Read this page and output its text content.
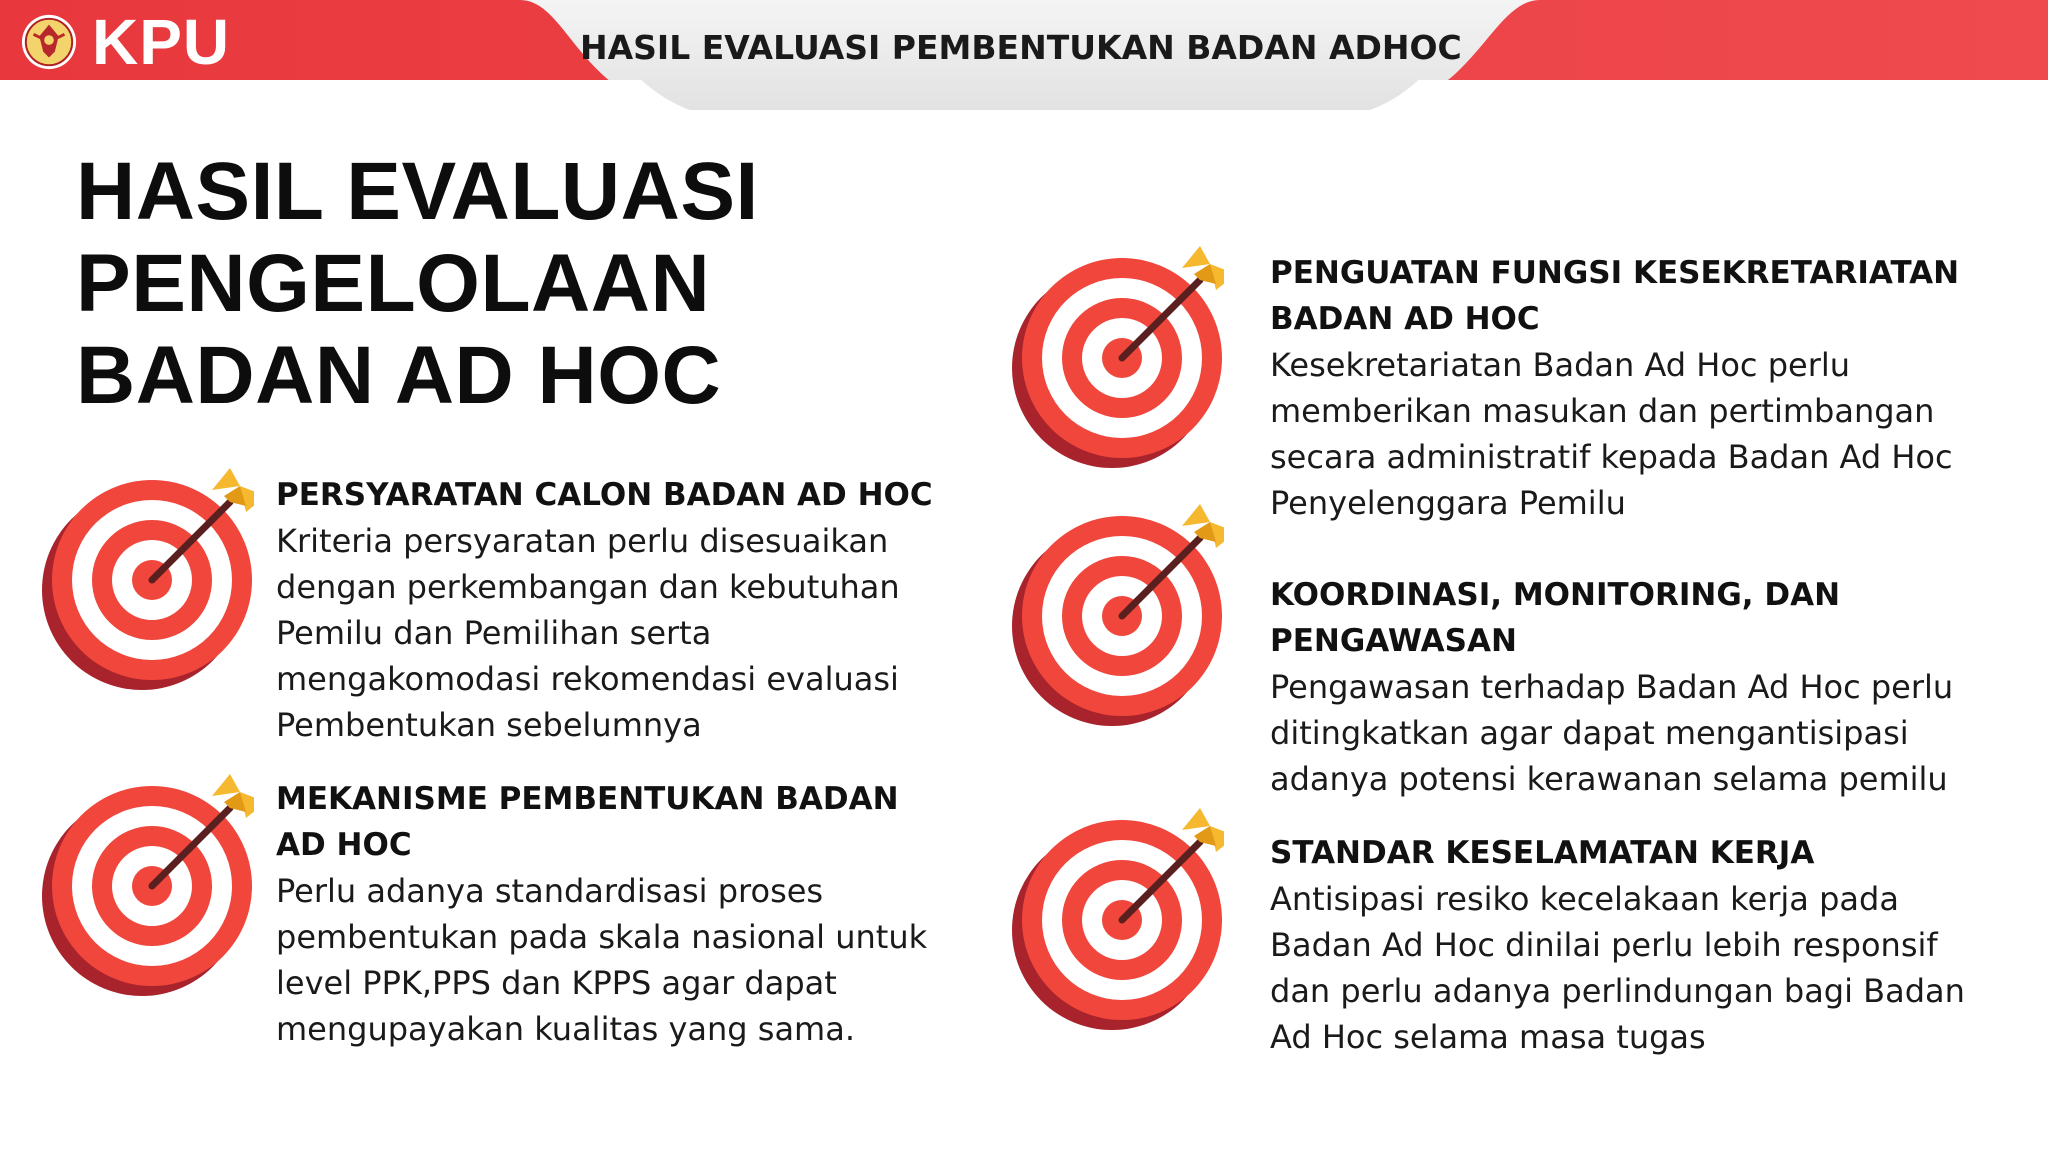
KPU	HASIL EVALUASI PEMBENTUKAN BADAN ADHOC
HASIL EVALUASI
PENGELOLAAN
BADAN AD HOC

PERSYARATAN CALON BADAN AD HOC

Kriteria persyaratan perlu disesuaikan
dengan perkembangan dan kebutuhan
Pemilu dan Pemilihan serta
mengakomodasi rekomendasi evaluasi
Pembentukan sebelumnya

MEKANISME PEMBENTUKAN BADAN
AD HOC

Perlu adanya standardisasi proses
pembentukan pada skala nasional untuk
level PPK,PPS dan KPPS agar dapat
mengupayakan kualitas yang sama.

PENGUATAN FUNGSI KESEKRETARIATAN
BADAN AD HOC

Kesekretariatan Badan Ad Hoc perlu
memberikan masukan dan pertimbangan
secara administratif kepada Badan Ad Hoc
Penyelenggara Pemilu

KOORDINASI, MONITORING, DAN
PENGAWASAN

Pengawasan terhadap Badan Ad Hoc perlu
ditingkatkan agar dapat mengantisipasi
adanya potensi kerawanan selama pemilu

STANDAR KESELAMATAN KERJA

Antisipasi resiko kecelakaan kerja pada
Badan Ad Hoc dinilai perlu lebih responsif
dan perlu adanya perlindungan bagi Badan
Ad Hoc selama masa tugas
